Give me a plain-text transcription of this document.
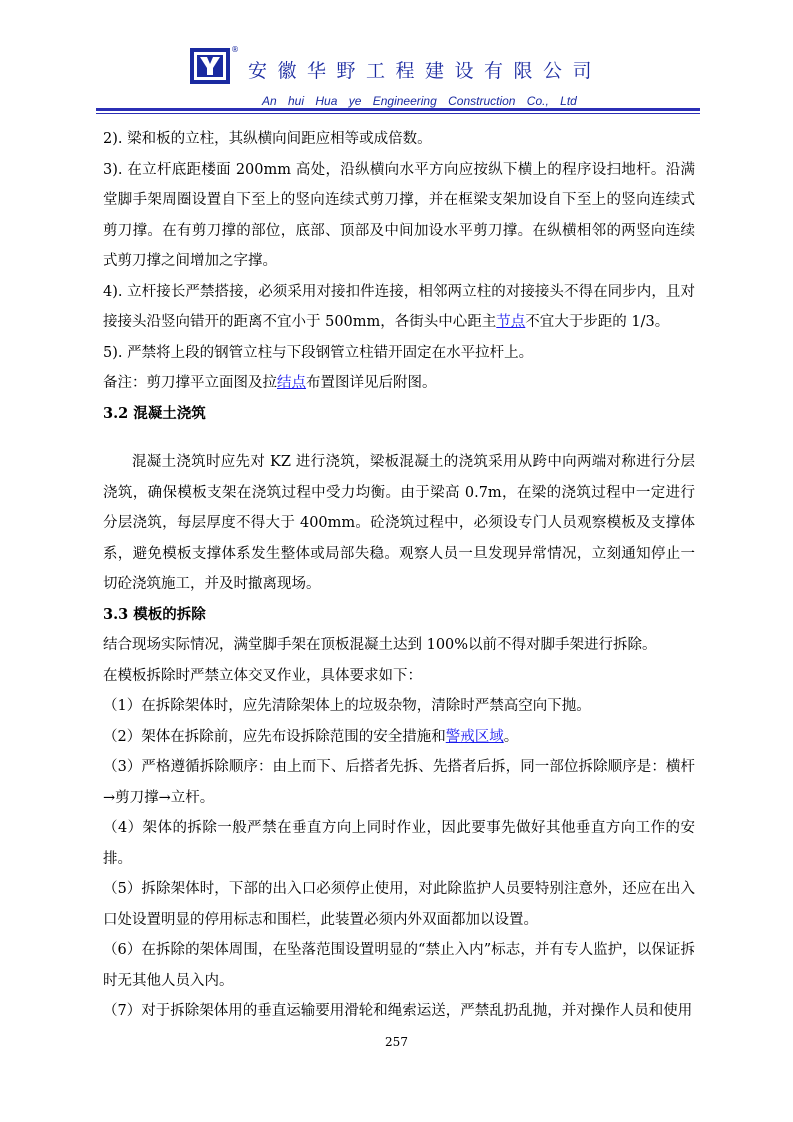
®
安徽华野工程建设有限公司
An hui Hua ye Engineering Construction Co., Ltd

2). 梁和板的立柱，其纵横向间距应相等或成倍数。

3). 在立杆底距楼面 200mm 高处，沿纵横向水平方向应按纵下横上的程序设扫地杆。沿满堂脚手架周圈设置自下至上的竖向连续式剪刀撑，并在框梁支架加设自下至上的竖向连续式剪刀撑。在有剪刀撑的部位，底部、顶部及中间加设水平剪刀撑。在纵横相邻的两竖向连续式剪刀撑之间增加之字撑。

4). 立杆接长严禁搭接，必须采用对接扣件连接，相邻两立柱的对接接头不得在同步内，且对接接头沿竖向错开的距离不宜小于 500mm，各街头中心距主节点不宜大于步距的 1/3。

5). 严禁将上段的钢管立柱与下段钢管立柱错开固定在水平拉杆上。

备注：剪刀撑平立面图及拉结点布置图详见后附图。

3.2 混凝土浇筑

混凝土浇筑时应先对 KZ 进行浇筑，梁板混凝土的浇筑采用从跨中向两端对称进行分层浇筑，确保模板支架在浇筑过程中受力均衡。由于梁高 0.7m，在梁的浇筑过程中一定进行分层浇筑，每层厚度不得大于 400mm。砼浇筑过程中，必须设专门人员观察模板及支撑体系，避免模板支撑体系发生整体或局部失稳。观察人员一旦发现异常情况，立刻通知停止一切砼浇筑施工，并及时撤离现场。

3.3 模板的拆除

结合现场实际情况，满堂脚手架在顶板混凝土达到 100%以前不得对脚手架进行拆除。

在模板拆除时严禁立体交叉作业，具体要求如下：

（1）在拆除架体时，应先清除架体上的垃圾杂物，清除时严禁高空向下抛。

（2）架体在拆除前，应先布设拆除范围的安全措施和警戒区域。

（3）严格遵循拆除顺序：由上而下、后搭者先拆、先搭者后拆，同一部位拆除顺序是：横杆→剪刀撑→立杆。

（4）架体的拆除一般严禁在垂直方向上同时作业，因此要事先做好其他垂直方向工作的安排。

（5）拆除架体时，下部的出入口必须停止使用，对此除监护人员要特别注意外，还应在出入口处设置明显的停用标志和围栏，此装置必须内外双面都加以设置。

（6）在拆除的架体周围，在坠落范围设置明显的“禁止入内”标志，并有专人监护，以保证拆时无其他人员入内。

（7）对于拆除架体用的垂直运输要用滑轮和绳索运送，严禁乱扔乱抛，并对操作人员和使用

257
